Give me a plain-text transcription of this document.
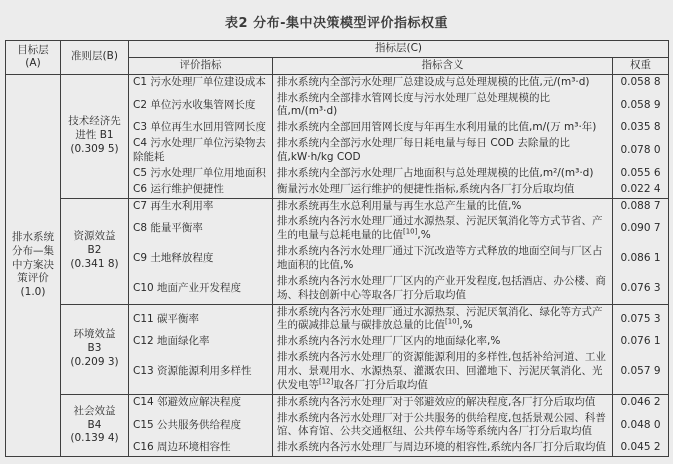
表2 分布-集中决策模型评价指标权重
目标层(A)	准则层(B)	指标层(C)		
		评价指标	指标含义	权重

排水系统分布—集中方案决策评价
(1.0)	技术经济先进性 B1
(0.309 5)	C1 污水处理厂单位建设成本	排水系统内全部污水处理厂总建设成与总处理规模的比值,元/(m³·d)	0.058 8
		C2 单位污水收集管网长度	排水系统内全部排水管网长度与污水处理厂总处理规模的比值,m/(m³·d)	0.058 9
		C3 单位再生水回用管网长度	排水系统内全部回用管网长度与年再生水利用量的比值,m/(万 m³·年)	0.035 8
		C4 污水处理厂单位污染物去除能耗	排水系统内全部污水处理厂每日耗电量与每日 COD 去除量的比值,kW·h/kg COD	0.078 0
		C5 污水处理厂单位用地面积	排水系统内全部污水处理厂占地面积与总处理规模的比值,m²/(m³·d)	0.055 6
		C6 运行维护便捷性	衡量污水处理厂运行维护的便捷性指标,系统内各厂打分后取均值	0.022 4

	资源效益 B2
(0.341 8)	C7 再生水利用率	排水系统再生水总利用量与再生水总产生量的比值,%	0.088 7
		C8 能量平衡率	排水系统内各污水处理厂通过水源热泵、污泥厌氧消化等方式节省、产生的电量与总耗电量的比值[10],%	0.090 7
		C9 土地释放程度	排水系统内各污水处理厂通过下沉改造等方式释放的地面空间与厂区占地面积的比值,%	0.086 1
		C10 地面产业开发程度	排水系统内各污水处理厂厂区内的产业开发程度,包括酒店、办公楼、商场、科技创新中心等取各厂打分后取均值	0.076 3

	环境效益 B3
(0.209 3)	C11 碳平衡率	排水系统内各污水处理厂通过水源热泵、污泥厌氧消化、绿化等方式产生的碳减排总量与碳排放总量的比值[10],%	0.075 3
		C12 地面绿化率	排水系统内各污水处理厂厂区内的地面绿化率,%	0.076 1
		C13 资源能源利用多样性	排水系统内各污水处理厂的资源能源利用的多样性,包括补给河道、工业用水、景观用水、水源热泵、灌溉农田、回灌地下、污泥厌氧消化、光伏发电等[12]取各厂打分后取均值	0.057 9

	社会效益 B4
(0.139 4)	C14 邻避效应解决程度	排水系统内各污水处理厂对于邻避效应的解决程度,各厂打分后取均值	0.046 2
		C15 公共服务供给程度	排水系统内各污水处理厂对于公共服务的供给程度,包括景观公园、科普馆、体育馆、公共交通枢纽、公共停车场等系统内各厂打分后取均值	0.048 0
		C16 周边环境相容性	排水系统内各污水处理厂与周边环境的相容性,系统内各厂打分后取均值	0.045 2
